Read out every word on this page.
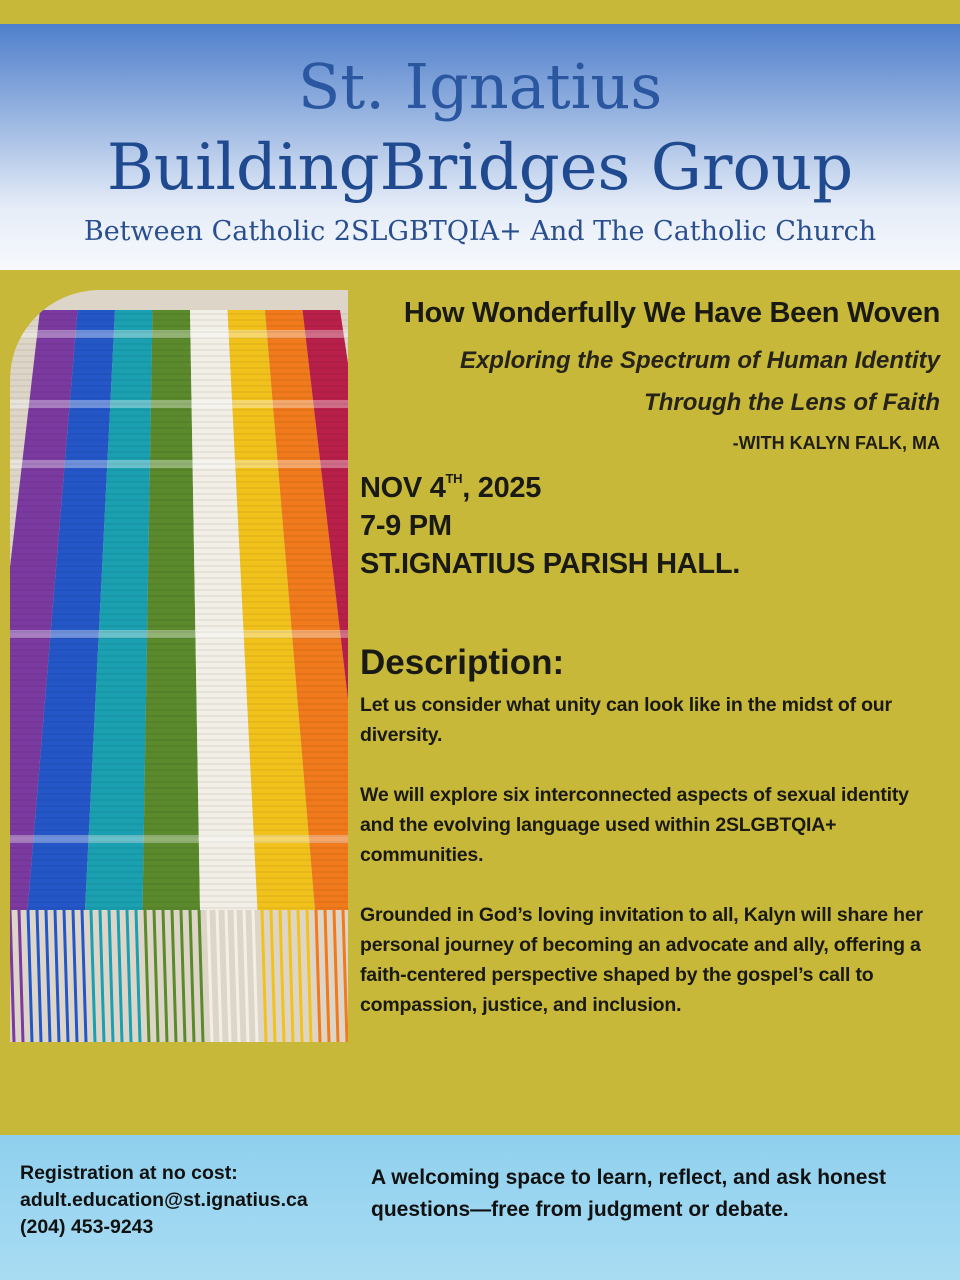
St. Ignatius
BuildingBridges Group
Between Catholic 2SLGBTQIA+ And The Catholic Church
How Wonderfully We Have Been Woven
Exploring the Spectrum of Human Identity
Through the Lens of Faith
-WITH KALYN FALK, MA
NOV 4TH, 2025
7-9 PM
ST.IGNATIUS PARISH HALL.
Description:

Let us consider what unity can look like in the midst of our diversity.

We will explore six interconnected aspects of sexual identity and the evolving language used within 2SLGBTQIA+ communities.

Grounded in God’s loving invitation to all, Kalyn will share her personal journey of becoming an advocate and ally, offering a faith-centered perspective shaped by the gospel’s call to compassion, justice, and inclusion.

Registration at no cost:
adult.education@st.ignatius.ca
(204) 453-9243
A welcoming space to learn, reflect, and ask honest questions—free from judgment or debate.
